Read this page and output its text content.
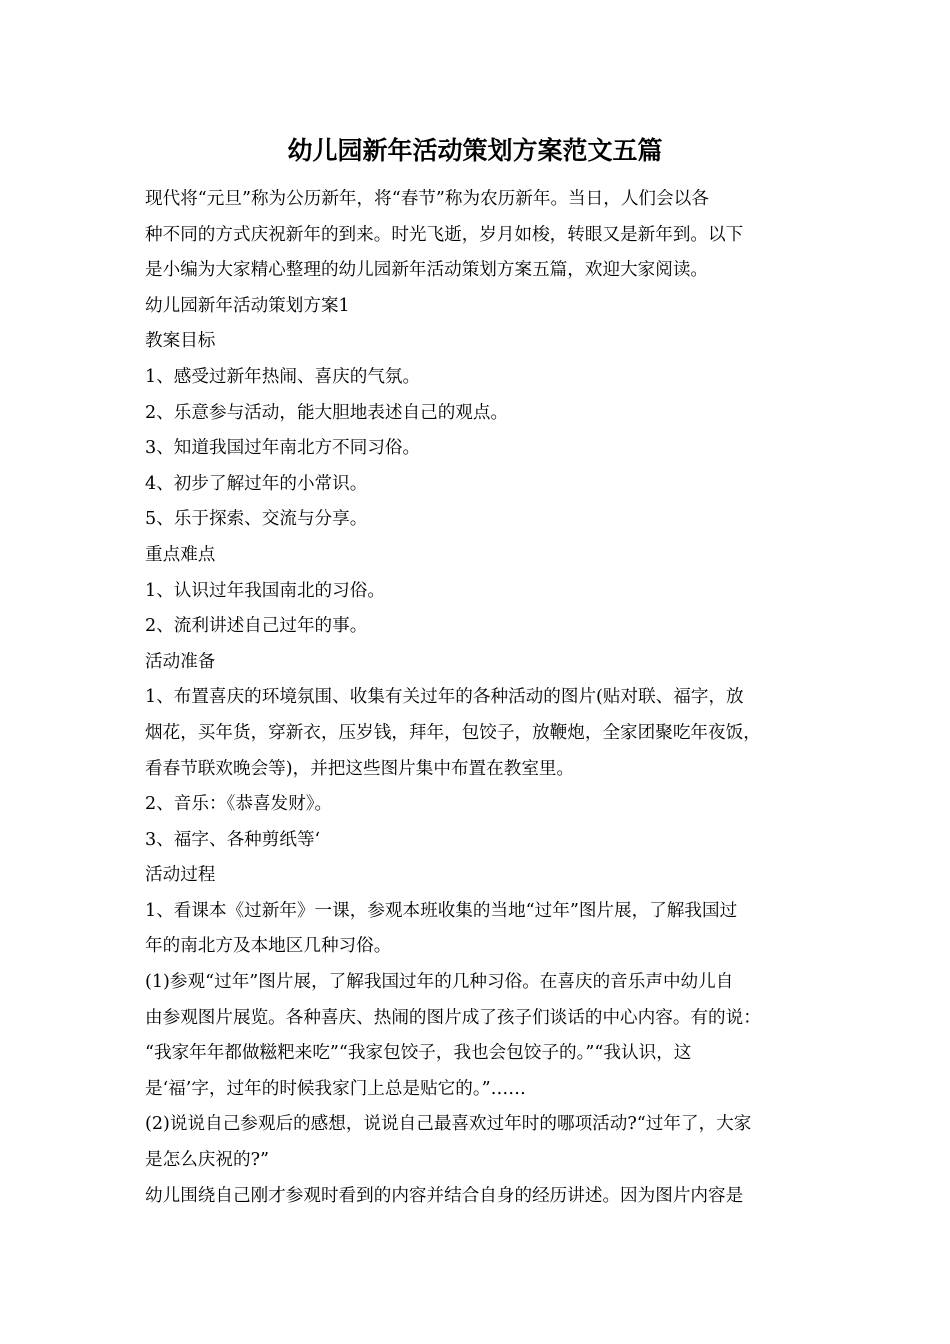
幼儿园新年活动策划方案范文五篇

现代将“元旦”称为公历新年，将“春节”称为农历新年。当日，人们会以各

种不同的方式庆祝新年的到来。时光飞逝，岁月如梭，转眼又是新年到。以下

是小编为大家精心整理的幼儿园新年活动策划方案五篇，欢迎大家阅读。

幼儿园新年活动策划方案1

教案目标

1、感受过新年热闹、喜庆的气氛。

2、乐意参与活动，能大胆地表述自己的观点。

3、知道我国过年南北方不同习俗。

4、初步了解过年的小常识。

5、乐于探索、交流与分享。

重点难点

1、认识过年我国南北的习俗。

2、流利讲述自己过年的事。

活动准备

1、布置喜庆的环境氛围、收集有关过年的各种活动的图片(贴对联、福字，放

烟花，买年货，穿新衣，压岁钱，拜年，包饺子，放鞭炮，全家团聚吃年夜饭，

看春节联欢晚会等)，并把这些图片集中布置在教室里。

2、音乐：《恭喜发财》。

3、福字、各种剪纸等‘

活动过程

1、看课本《过新年》一课，参观本班收集的当地“过年”图片展，了解我国过

年的南北方及本地区几种习俗。

(1)参观“过年”图片展，了解我国过年的几种习俗。在喜庆的音乐声中幼儿自

由参观图片展览。各种喜庆、热闹的图片成了孩子们谈话的中心内容。有的说：

“我家年年都做糍粑来吃”“我家包饺子，我也会包饺子的。”“我认识，这

是‘福’字，过年的时候我家门上总是贴它的。”……

(2)说说自己参观后的感想，说说自己最喜欢过年时的哪项活动?“过年了，大家

是怎么庆祝的?”

幼儿围绕自己刚才参观时看到的内容并结合自身的经历讲述。因为图片内容是
